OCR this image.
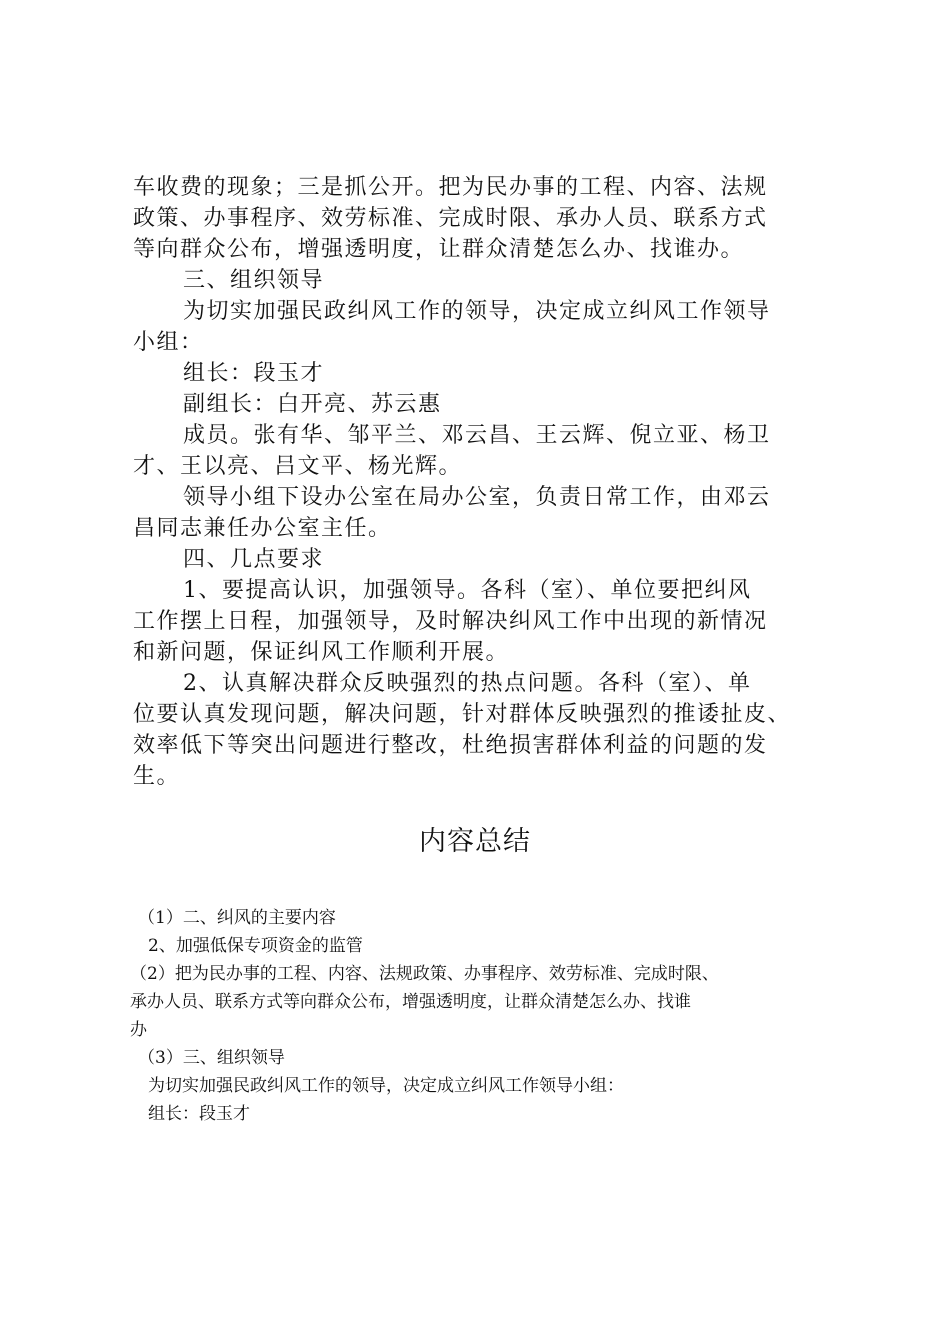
车收费的现象；三是抓公开。把为民办事的工程、内容、法规
政策、办事程序、效劳标准、完成时限、承办人员、联系方式
等向群众公布，增强透明度，让群众清楚怎么办、找谁办。
三、组织领导
为切实加强民政纠风工作的领导，决定成立纠风工作领导
小组：
组长：段玉才
副组长：白开亮、苏云惠
成员。张有华、邹平兰、邓云昌、王云辉、倪立亚、杨卫
才、王以亮、吕文平、杨光辉。
领导小组下设办公室在局办公室，负责日常工作，由邓云
昌同志兼任办公室主任。
四、几点要求
1、要提高认识，加强领导。各科（室）、单位要把纠风
工作摆上日程，加强领导，及时解决纠风工作中出现的新情况
和新问题，保证纠风工作顺利开展。
2、认真解决群众反映强烈的热点问题。各科（室）、单
位要认真发现问题，解决问题，针对群体反映强烈的推诿扯皮、
效率低下等突出问题进行整改，杜绝损害群体利益的问题的发
生。
内容总结
（1）二、纠风的主要内容
2、加强低保专项资金的监管
（2）把为民办事的工程、内容、法规政策、办事程序、效劳标准、完成时限、
承办人员、联系方式等向群众公布，增强透明度，让群众清楚怎么办、找谁
办
（3）三、组织领导
为切实加强民政纠风工作的领导，决定成立纠风工作领导小组：
组长：段玉才
